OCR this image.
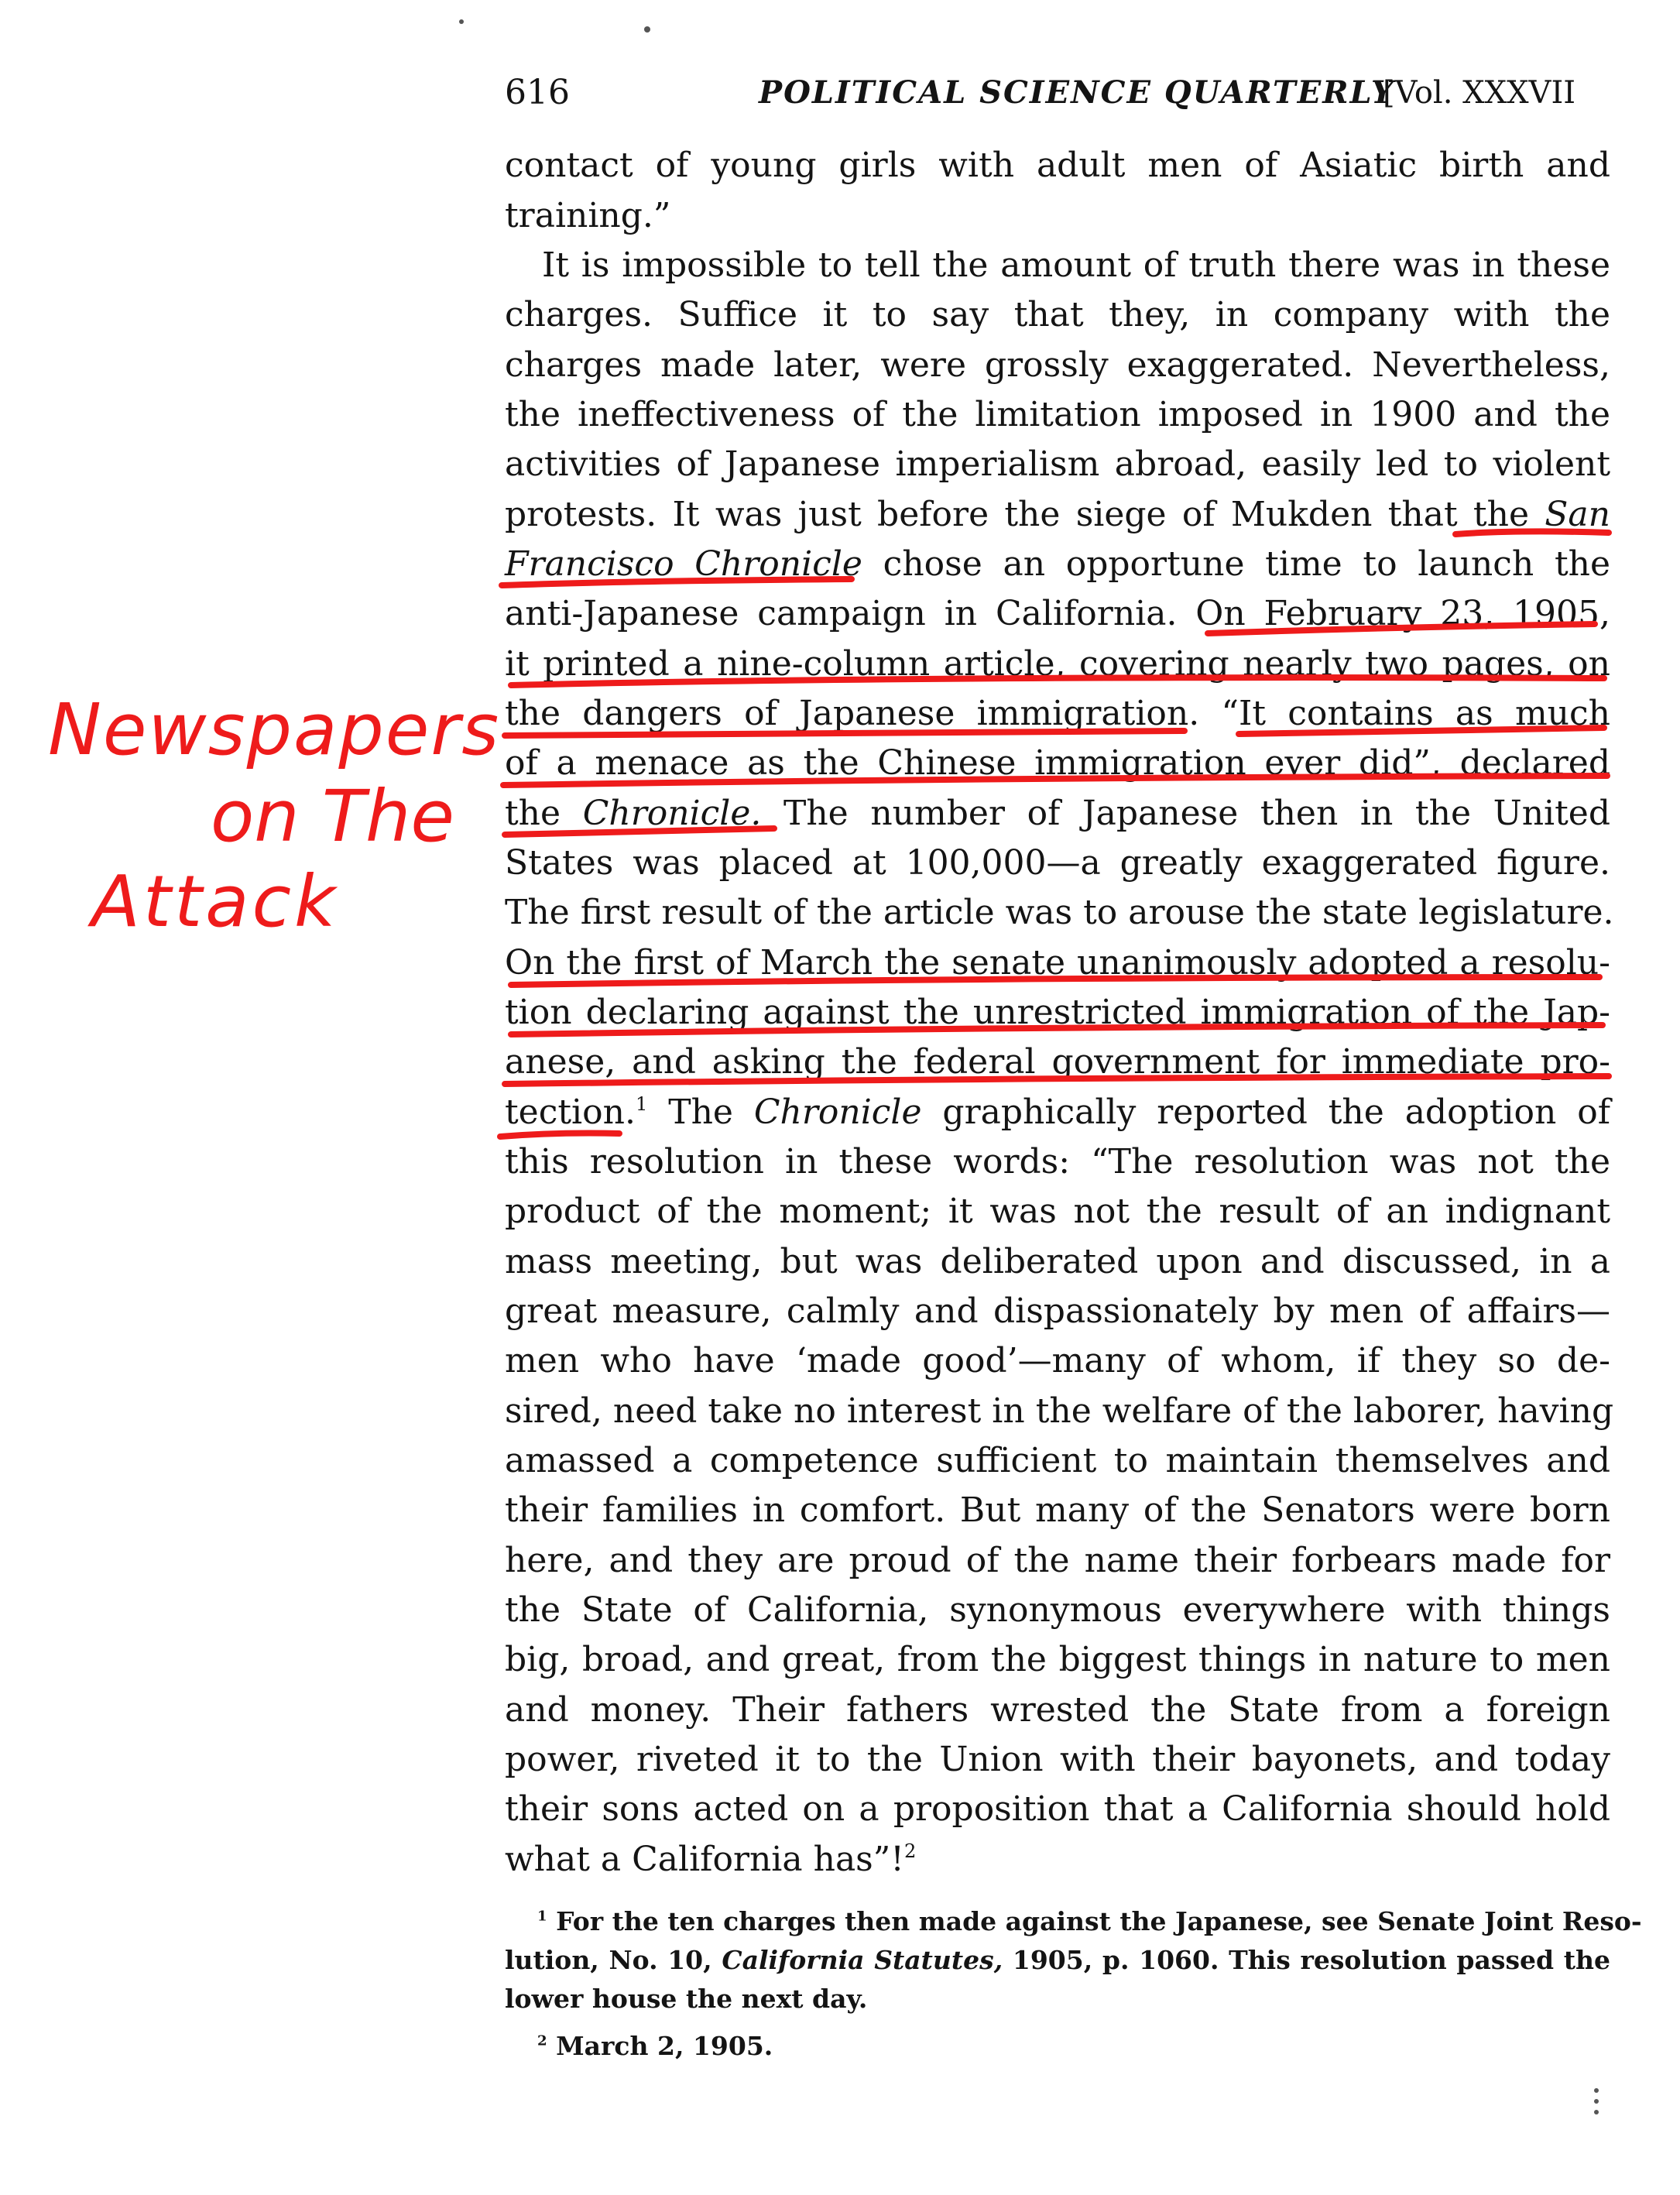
616	POLITICAL SCIENCE QUARTERLY
[Vol. XXXVII
contact of young girls with adult men of Asiatic birth and
training.”
It is impossible to tell the amount of truth there was in these
charges. Suffice it to say that they, in company with the
charges made later, were grossly exaggerated. Nevertheless,
the ineffectiveness of the limitation imposed in 1900 and the
activities of Japanese imperialism abroad, easily led to violent
protests. It was just before the siege of Mukden that the San
Francisco Chronicle chose an opportune time to launch the
anti-Japanese campaign in California. On February 23, 1905,
it printed a nine-column article, covering nearly two pages, on
the dangers of Japanese immigration. “It contains as much
of a menace as the Chinese immigration ever did”, declared
the Chronicle. The number of Japanese then in the United
States was placed at 100,000—a greatly exaggerated figure.
The first result of the article was to arouse the state legislature.
On the first of March the senate unanimously adopted a resolu-
tion declaring against the unrestricted immigration of the Jap-
anese, and asking the federal government for immediate pro-
tection.$^1$ The Chronicle graphically reported the adoption of
this resolution in these words: “The resolution was not the
product of the moment; it was not the result of an indignant
mass meeting, but was deliberated upon and discussed, in a
great measure, calmly and dispassionately by men of affairs—
men who have ‘made good’—many of whom, if they so de-
sired, need take no interest in the welfare of the laborer, having
amassed a competence sufficient to maintain themselves and
their families in comfort. But many of the Senators were born
here, and they are proud of the name their forbears made for
the State of California, synonymous everywhere with things
big, broad, and great, from the biggest things in nature to men
and money. Their fathers wrested the State from a foreign
power, riveted it to the Union with their bayonets, and today
their sons acted on a proposition that a California should hold
what a California has”!$^2$
$^1$ For the ten charges then made against the Japanese, see Senate Joint Reso-
lution, No. 10, California Statutes, 1905, p. 1060. This resolution passed the
lower house the next day.
$^2$ March 2, 1905.
Newspapers
on The
Attack
